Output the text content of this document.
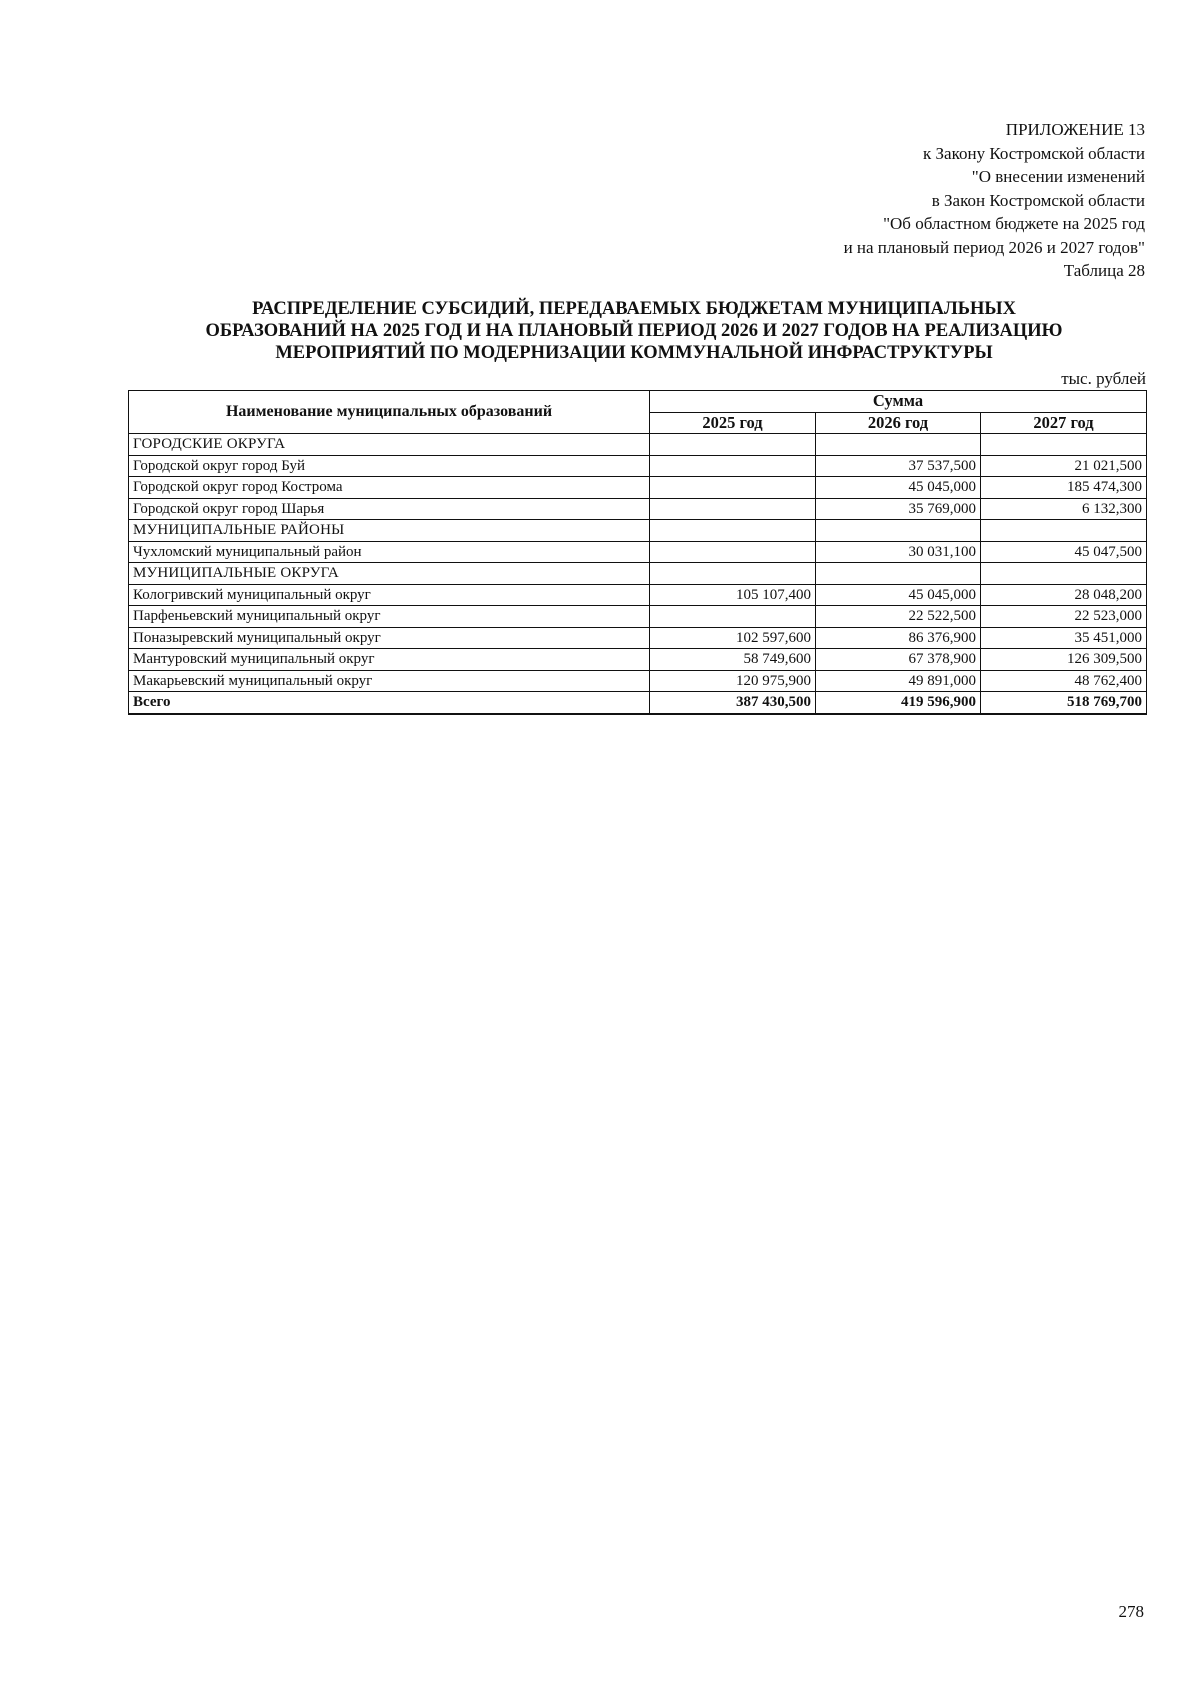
ПРИЛОЖЕНИЕ 13
к Закону Костромской области
"О внесении изменений
в Закон Костромской области
"Об областном бюджете на 2025 год
и на плановый период 2026 и 2027 годов"
Таблица 28
РАСПРЕДЕЛЕНИЕ СУБСИДИЙ, ПЕРЕДАВАЕМЫХ БЮДЖЕТАМ МУНИЦИПАЛЬНЫХ
ОБРАЗОВАНИЙ НА 2025 ГОД И НА ПЛАНОВЫЙ ПЕРИОД 2026 И 2027 ГОДОВ НА РЕАЛИЗАЦИЮ
МЕРОПРИЯТИЙ ПО МОДЕРНИЗАЦИИ КОММУНАЛЬНОЙ ИНФРАСТРУКТУРЫ
тыс. рублей
Наименование муниципальных образований	Сумма		
	2025 год	2026 год	2027 год
ГОРОДСКИЕ ОКРУГА			
Городской округ город Буй		37 537,500	21 021,500
Городской округ город Кострома		45 045,000	185 474,300
Городской округ город Шарья		35 769,000	6 132,300
МУНИЦИПАЛЬНЫЕ РАЙОНЫ			
Чухломский муниципальный район		30 031,100	45 047,500
МУНИЦИПАЛЬНЫЕ ОКРУГА			
Кологривский муниципальный округ	105 107,400	45 045,000	28 048,200
Парфеньевский муниципальный округ		22 522,500	22 523,000
Поназыревский муниципальный округ	102 597,600	86 376,900	35 451,000
Мантуровский муниципальный округ	58 749,600	67 378,900	126 309,500
Макарьевский муниципальный округ	120 975,900	49 891,000	48 762,400
Всего	387 430,500	419 596,900	518 769,700
278
